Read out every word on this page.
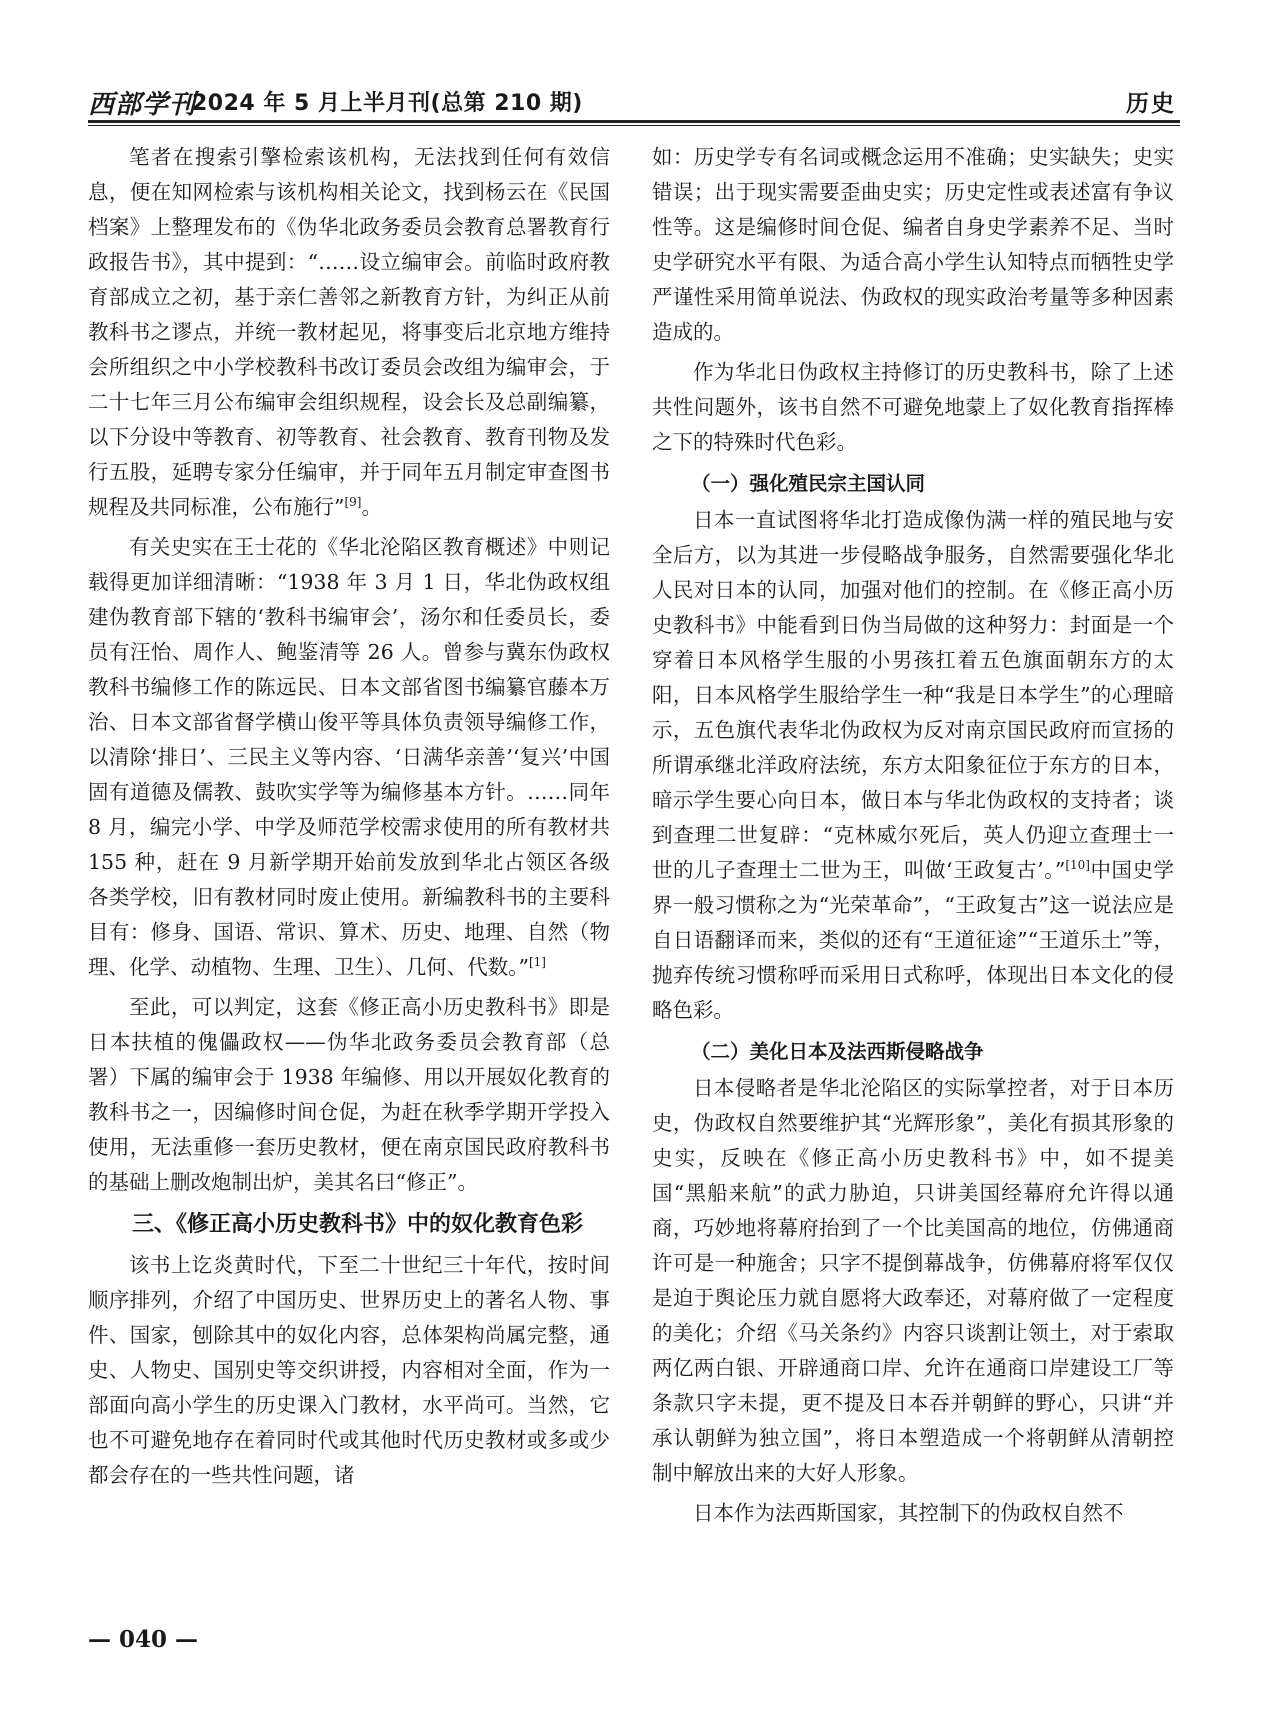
西部学刊
2024 年 5 月上半月刊(总第 210 期)	历史

笔者在搜索引擎检索该机构，无法找到任何有效信息，便在知网检索与该机构相关论文，找到杨云在《民国档案》上整理发布的《伪华北政务委员会教育总署教育行政报告书》，其中提到：“……设立编审会。前临时政府教育部成立之初，基于亲仁善邻之新教育方针，为纠正从前教科书之谬点，并统一教材起见，将事变后北京地方维持会所组织之中小学校教科书改订委员会改组为编审会，于二十七年三月公布编审会组织规程，设会长及总副编纂，以下分设中等教育、初等教育、社会教育、教育刊物及发行五股，延聘专家分任编审，并于同年五月制定审查图书规程及共同标准，公布施行”[9]。

有关史实在王士花的《华北沦陷区教育概述》中则记载得更加详细清晰：“1938 年 3 月 1 日，华北伪政权组建伪教育部下辖的‘教科书编审会’，汤尔和任委员长，委员有汪怡、周作人、鲍鉴清等 26 人。曾参与冀东伪政权教科书编修工作的陈远民、日本文部省图书编纂官藤本万治、日本文部省督学横山俊平等具体负责领导编修工作，以清除‘排日’、三民主义等内容、‘日满华亲善’‘复兴’中国固有道德及儒教、鼓吹实学等为编修基本方针。……同年 8 月，编完小学、中学及师范学校需求使用的所有教材共 155 种，赶在 9 月新学期开始前发放到华北占领区各级各类学校，旧有教材同时废止使用。新编教科书的主要科目有：修身、国语、常识、算术、历史、地理、自然（物理、化学、动植物、生理、卫生）、几何、代数。”[1]

至此，可以判定，这套《修正高小历史教科书》即是日本扶植的傀儡政权——伪华北政务委员会教育部（总署）下属的编审会于 1938 年编修、用以开展奴化教育的教科书之一，因编修时间仓促，为赶在秋季学期开学投入使用，无法重修一套历史教材，便在南京国民政府教科书的基础上删改炮制出炉，美其名曰“修正”。

三、《修正高小历史教科书》中的奴化教育色彩

该书上讫炎黄时代，下至二十世纪三十年代，按时间顺序排列，介绍了中国历史、世界历史上的著名人物、事件、国家，刨除其中的奴化内容，总体架构尚属完整，通史、人物史、国别史等交织讲授，内容相对全面，作为一部面向高小学生的历史课入门教材，水平尚可。当然，它也不可避免地存在着同时代或其他时代历史教材或多或少都会存在的一些共性问题，诸

如：历史学专有名词或概念运用不准确；史实缺失；史实错误；出于现实需要歪曲史实；历史定性或表述富有争议性等。这是编修时间仓促、编者自身史学素养不足、当时史学研究水平有限、为适合高小学生认知特点而牺牲史学严谨性采用简单说法、伪政权的现实政治考量等多种因素造成的。

作为华北日伪政权主持修订的历史教科书，除了上述共性问题外，该书自然不可避免地蒙上了奴化教育指挥棒之下的特殊时代色彩。

（一）强化殖民宗主国认同

日本一直试图将华北打造成像伪满一样的殖民地与安全后方，以为其进一步侵略战争服务，自然需要强化华北人民对日本的认同，加强对他们的控制。在《修正高小历史教科书》中能看到日伪当局做的这种努力：封面是一个穿着日本风格学生服的小男孩扛着五色旗面朝东方的太阳，日本风格学生服给学生一种“我是日本学生”的心理暗示，五色旗代表华北伪政权为反对南京国民政府而宣扬的所谓承继北洋政府法统，东方太阳象征位于东方的日本，暗示学生要心向日本，做日本与华北伪政权的支持者；谈到查理二世复辟：“克林威尔死后，英人仍迎立查理士一世的儿子查理士二世为王，叫做‘王政复古’。”[10]中国史学界一般习惯称之为“光荣革命”，“王政复古”这一说法应是自日语翻译而来，类似的还有“王道征途”“王道乐土”等，抛弃传统习惯称呼而采用日式称呼，体现出日本文化的侵略色彩。

（二）美化日本及法西斯侵略战争

日本侵略者是华北沦陷区的实际掌控者，对于日本历史，伪政权自然要维护其“光辉形象”，美化有损其形象的史实，反映在《修正高小历史教科书》中，如不提美国“黑船来航”的武力胁迫，只讲美国经幕府允许得以通商，巧妙地将幕府抬到了一个比美国高的地位，仿佛通商许可是一种施舍；只字不提倒幕战争，仿佛幕府将军仅仅是迫于舆论压力就自愿将大政奉还，对幕府做了一定程度的美化；介绍《马关条约》内容只谈割让领土，对于索取两亿两白银、开辟通商口岸、允许在通商口岸建设工厂等条款只字未提，更不提及日本吞并朝鲜的野心，只讲“并承认朝鲜为独立国”，将日本塑造成一个将朝鲜从清朝控制中解放出来的大好人形象。

日本作为法西斯国家，其控制下的伪政权自然不

— 040 —
